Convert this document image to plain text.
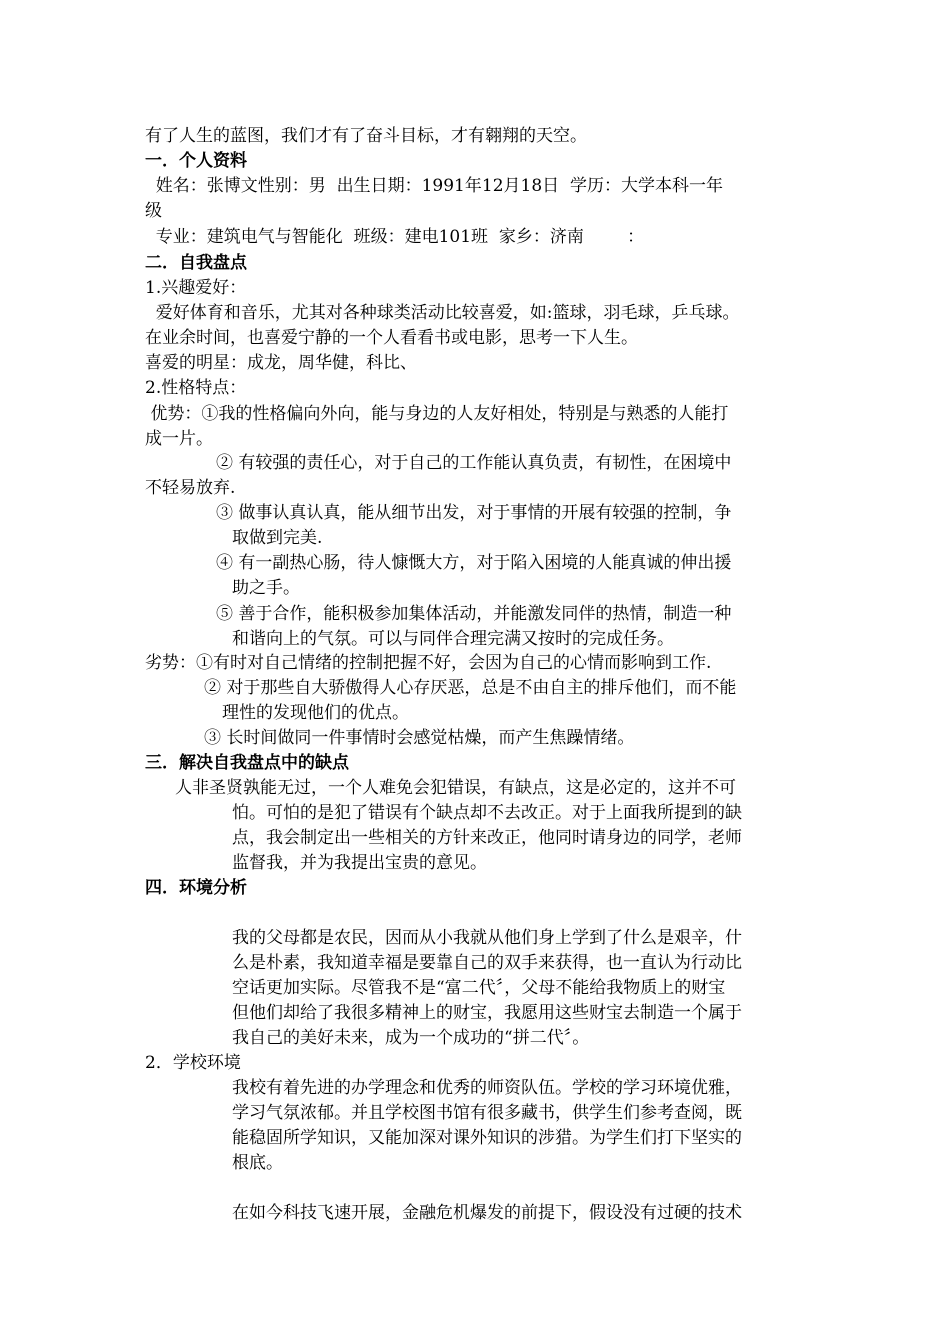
有了人生的蓝图，我们才有了奋斗目标，才有翱翔的天空。
一．个人资料
姓名：张博文性别：男  出生日期：1991年12月18日  学历：大学本科一年
级
专业：建筑电气与智能化  班级：建电101班  家乡：济南        ：
二．自我盘点
1.兴趣爱好：
爱好体育和音乐，尤其对各种球类活动比较喜爱，如:篮球，羽毛球，乒乓球。
在业余时间，也喜爱宁静的一个人看看书或电影，思考一下人生。
喜爱的明星：成龙，周华健，科比、
2.性格特点：
优势：①我的性格偏向外向，能与身边的人友好相处，特别是与熟悉的人能打
成一片。
② 有较强的责任心，对于自己的工作能认真负责，有韧性，在困境中
不轻易放弃.
③ 做事认真认真，能从细节出发，对于事情的开展有较强的控制，争
取做到完美.
④ 有一副热心肠，待人慷慨大方，对于陷入困境的人能真诚的伸出援
助之手。
⑤ 善于合作，能积极参加集体活动，并能激发同伴的热情，制造一种
和谐向上的气氛。可以与同伴合理完满又按时的完成任务。
劣势：①有时对自己情绪的控制把握不好，会因为自己的心情而影响到工作.
② 对于那些自大骄傲得人心存厌恶，总是不由自主的排斥他们，而不能
理性的发现他们的优点。
③ 长时间做同一件事情时会感觉枯燥，而产生焦躁情绪。
三．解决自我盘点中的缺点
人非圣贤孰能无过，一个人难免会犯错误，有缺点，这是必定的，这并不可
怕。可怕的是犯了错误有个缺点却不去改正。对于上面我所提到的缺
点，我会制定出一些相关的方针来改正，他同时请身边的同学，老师
监督我，并为我提出宝贵的意见。
四．环境分析
我的父母都是农民，因而从小我就从他们身上学到了什么是艰辛，什
么是朴素，我知道幸福是要靠自己的双手来获得，也一直认为行动比
空话更加实际。尽管我不是“富二代〞，父母不能给我物质上的财宝
但他们却给了我很多精神上的财宝，我愿用这些财宝去制造一个属于
我自己的美好未来，成为一个成功的“拼二代〞。
2．学校环境
我校有着先进的办学理念和优秀的师资队伍。学校的学习环境优雅，
学习气氛浓郁。并且学校图书馆有很多藏书，供学生们参考查阅，既
能稳固所学知识，又能加深对课外知识的涉猎。为学生们打下坚实的
根底。
在如今科技飞速开展，金融危机爆发的前提下，假设没有过硬的技术
